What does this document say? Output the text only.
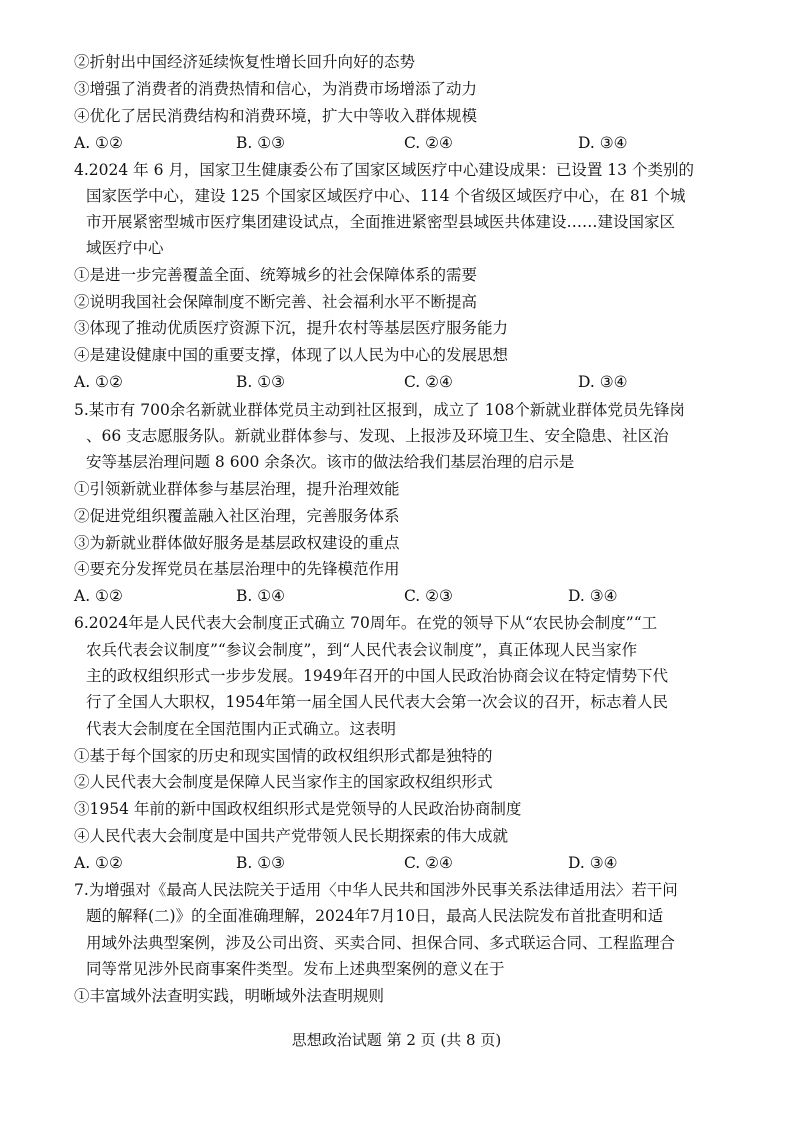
②折射出中国经济延续恢复性增长回升向好的态势
③增强了消费者的消费热情和信心，为消费市场增添了动力
④优化了居民消费结构和消费环境，扩大中等收入群体规模
A. ①②	B. ①③	C. ②④	D. ③④
4.2024 年 6 月，国家卫生健康委公布了国家区域医疗中心建设成果：已设置 13 个类别的
国家医学中心，建设 125 个国家区域医疗中心、114 个省级区域医疗中心，在 81 个城
市开展紧密型城市医疗集团建设试点，全面推进紧密型县域医共体建设……建设国家区
域医疗中心
①是进一步完善覆盖全面、统筹城乡的社会保障体系的需要
②说明我国社会保障制度不断完善、社会福利水平不断提高
③体现了推动优质医疗资源下沉，提升农村等基层医疗服务能力
④是建设健康中国的重要支撑，体现了以人民为中心的发展思想
A. ①②	B. ①③	C. ②④	D. ③④
5.某市有 700余名新就业群体党员主动到社区报到，成立了 108个新就业群体党员先锋岗
、66 支志愿服务队。新就业群体参与、发现、上报涉及环境卫生、安全隐患、社区治
安等基层治理问题 8 600 余条次。该市的做法给我们基层治理的启示是
①引领新就业群体参与基层治理，提升治理效能
②促进党组织覆盖融入社区治理，完善服务体系
③为新就业群体做好服务是基层政权建设的重点
④要充分发挥党员在基层治理中的先锋模范作用
A. ①②	B. ①④	C. ②③	D. ③④
6.2024年是人民代表大会制度正式确立 70周年。在党的领导下从“农民协会制度”“工
农兵代表会议制度”“参议会制度”，到“人民代表会议制度”，真正体现人民当家作
主的政权组织形式一步步发展。1949年召开的中国人民政治协商会议在特定情势下代
行了全国人大职权，1954年第一届全国人民代表大会第一次会议的召开，标志着人民
代表大会制度在全国范围内正式确立。这表明
①基于每个国家的历史和现实国情的政权组织形式都是独特的
②人民代表大会制度是保障人民当家作主的国家政权组织形式
③1954 年前的新中国政权组织形式是党领导的人民政治协商制度
④人民代表大会制度是中国共产党带领人民长期探索的伟大成就
A. ①②	B. ①③	C. ②④	D. ③④
7.为增强对《最高人民法院关于适用〈中华人民共和国涉外民事关系法律适用法〉若干问
题的解释(二)》的全面准确理解，2024年7月10日，最高人民法院发布首批查明和适
用域外法典型案例，涉及公司出资、买卖合同、担保合同、多式联运合同、工程监理合
同等常见涉外民商事案件类型。发布上述典型案例的意义在于
①丰富域外法查明实践，明晰域外法查明规则
思想政治试题 第 2 页 (共 8 页)
